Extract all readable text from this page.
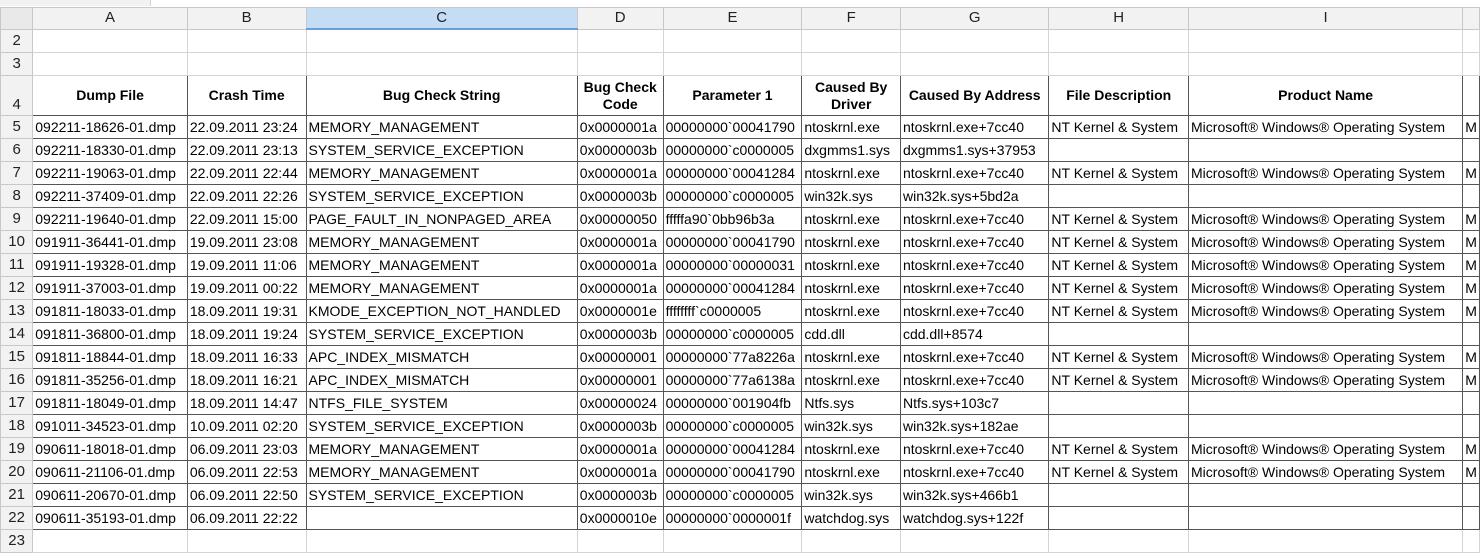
	A	B	C	D	E	F	G	H	I	
2										
3										
4	Dump File	Crash Time	Bug Check String	Bug Check Code	Parameter 1	Caused By Driver	Caused By Address	File Description	Product Name	
5	092211-18626-01.dmp	22.09.2011 23:24	MEMORY_MANAGEMENT	0x0000001a	00000000`00041790	ntoskrnl.exe	ntoskrnl.exe+7cc40	NT Kernel & System	Microsoft® Windows® Operating System	M
6	092211-18330-01.dmp	22.09.2011 23:13	SYSTEM_SERVICE_EXCEPTION	0x0000003b	00000000`c0000005	dxgmms1.sys	dxgmms1.sys+37953			
7	092211-19063-01.dmp	22.09.2011 22:44	MEMORY_MANAGEMENT	0x0000001a	00000000`00041284	ntoskrnl.exe	ntoskrnl.exe+7cc40	NT Kernel & System	Microsoft® Windows® Operating System	M
8	092211-37409-01.dmp	22.09.2011 22:26	SYSTEM_SERVICE_EXCEPTION	0x0000003b	00000000`c0000005	win32k.sys	win32k.sys+5bd2a			
9	092211-19640-01.dmp	22.09.2011 15:00	PAGE_FAULT_IN_NONPAGED_AREA	0x00000050	fffffa90`0bb96b3a	ntoskrnl.exe	ntoskrnl.exe+7cc40	NT Kernel & System	Microsoft® Windows® Operating System	M
10	091911-36441-01.dmp	19.09.2011 23:08	MEMORY_MANAGEMENT	0x0000001a	00000000`00041790	ntoskrnl.exe	ntoskrnl.exe+7cc40	NT Kernel & System	Microsoft® Windows® Operating System	M
11	091911-19328-01.dmp	19.09.2011 11:06	MEMORY_MANAGEMENT	0x0000001a	00000000`00000031	ntoskrnl.exe	ntoskrnl.exe+7cc40	NT Kernel & System	Microsoft® Windows® Operating System	M
12	091911-37003-01.dmp	19.09.2011 00:22	MEMORY_MANAGEMENT	0x0000001a	00000000`00041284	ntoskrnl.exe	ntoskrnl.exe+7cc40	NT Kernel & System	Microsoft® Windows® Operating System	M
13	091811-18033-01.dmp	18.09.2011 19:31	KMODE_EXCEPTION_NOT_HANDLED	0x0000001e	ffffffff`c0000005	ntoskrnl.exe	ntoskrnl.exe+7cc40	NT Kernel & System	Microsoft® Windows® Operating System	M
14	091811-36800-01.dmp	18.09.2011 19:24	SYSTEM_SERVICE_EXCEPTION	0x0000003b	00000000`c0000005	cdd.dll	cdd.dll+8574			
15	091811-18844-01.dmp	18.09.2011 16:33	APC_INDEX_MISMATCH	0x00000001	00000000`77a8226a	ntoskrnl.exe	ntoskrnl.exe+7cc40	NT Kernel & System	Microsoft® Windows® Operating System	M
16	091811-35256-01.dmp	18.09.2011 16:21	APC_INDEX_MISMATCH	0x00000001	00000000`77a6138a	ntoskrnl.exe	ntoskrnl.exe+7cc40	NT Kernel & System	Microsoft® Windows® Operating System	M
17	091811-18049-01.dmp	18.09.2011 14:47	NTFS_FILE_SYSTEM	0x00000024	00000000`001904fb	Ntfs.sys	Ntfs.sys+103c7			
18	091011-34523-01.dmp	10.09.2011 02:20	SYSTEM_SERVICE_EXCEPTION	0x0000003b	00000000`c0000005	win32k.sys	win32k.sys+182ae			
19	090611-18018-01.dmp	06.09.2011 23:03	MEMORY_MANAGEMENT	0x0000001a	00000000`00041284	ntoskrnl.exe	ntoskrnl.exe+7cc40	NT Kernel & System	Microsoft® Windows® Operating System	M
20	090611-21106-01.dmp	06.09.2011 22:53	MEMORY_MANAGEMENT	0x0000001a	00000000`00041790	ntoskrnl.exe	ntoskrnl.exe+7cc40	NT Kernel & System	Microsoft® Windows® Operating System	M
21	090611-20670-01.dmp	06.09.2011 22:50	SYSTEM_SERVICE_EXCEPTION	0x0000003b	00000000`c0000005	win32k.sys	win32k.sys+466b1			
22	090611-35193-01.dmp	06.09.2011 22:22		0x0000010e	00000000`0000001f	watchdog.sys	watchdog.sys+122f			
23										
